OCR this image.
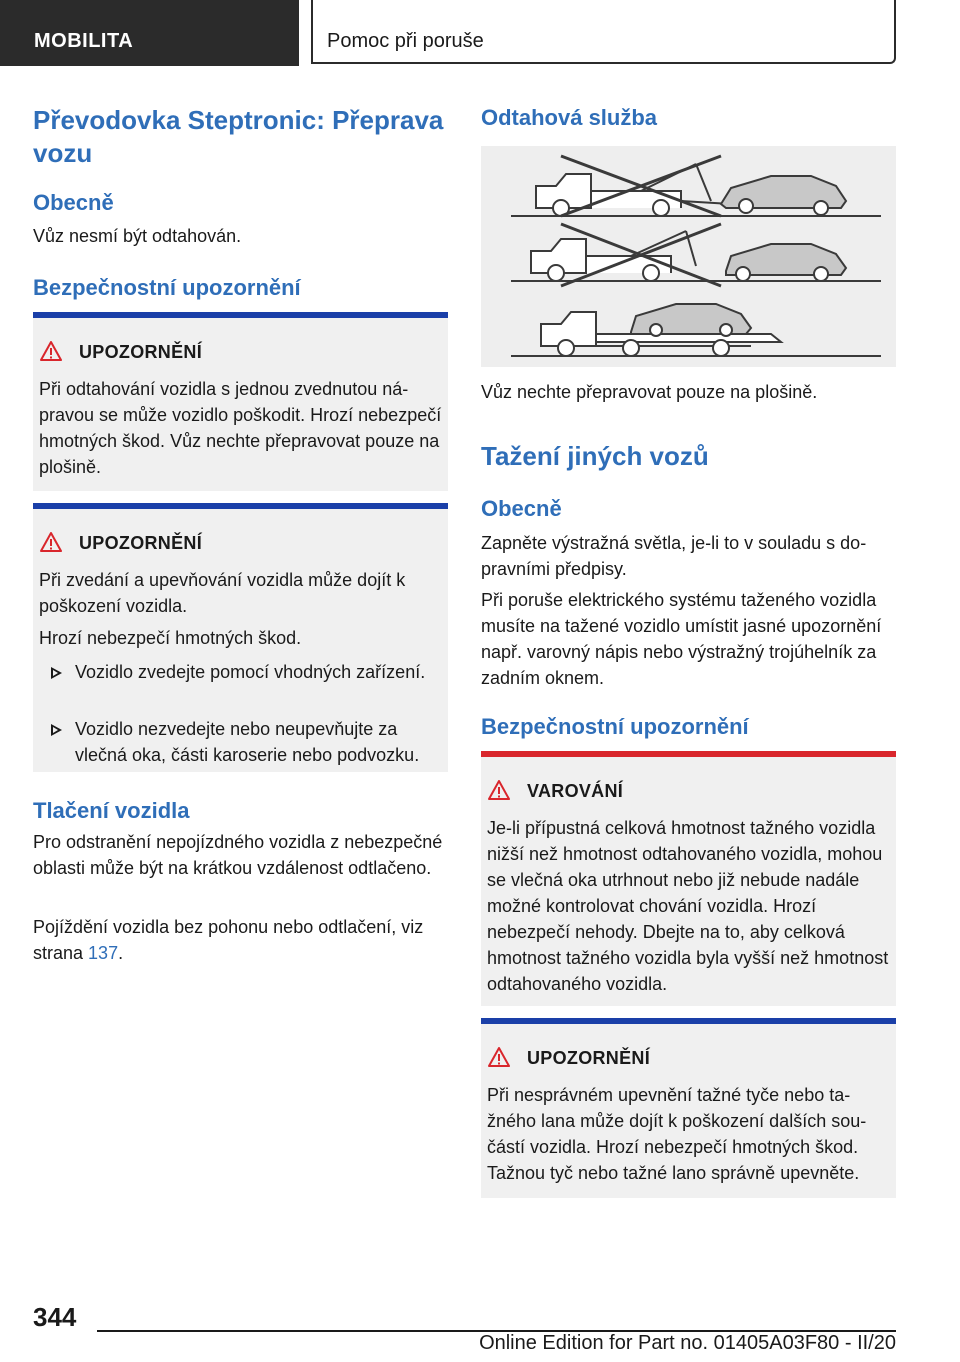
MOBILITA	Pomoc při poruše
Převodovka Steptronic: Přeprava vozu
Obecně
Vůz nesmí být odtahován.
Bezpečnostní upozornění
UPOZORNĚNÍ
Při odtahování vozidla s jednou zvednutou nápravou se může vozidlo poškodit. Hrozí nebezpečí hmotných škod. Vůz nechte přepravovat pouze na plošině.
UPOZORNĚNÍ
Při zvedání a upevňování vozidla může dojít k poškození vozidla.
Hrozí nebezpečí hmotných škod.
Vozidlo zvedejte pomocí vhodných zařízení.
Vozidlo nezvedejte nebo neupevňujte za vlečná oka, části karoserie nebo podvozku.
Tlačení vozidla
Pro odstranění nepojízdného vozidla z nebezpečné oblasti může být na krátkou vzdálenost odtlačeno.
Pojíždění vozidla bez pohonu nebo odtlačení, viz strana 137.
Odtahová služba
Vůz nechte přepravovat pouze na plošině.
Tažení jiných vozů
Obecně
Zapněte výstražná světla, je-li to v souladu s dopravními předpisy.
Při poruše elektrického systému taženého vozidla musíte na tažené vozidlo umístit jasné upozornění např. varovný nápis nebo výstražný trojúhelník za zadním oknem.
Bezpečnostní upozornění
VAROVÁNÍ
Je-li přípustná celková hmotnost tažného vozidla nižší než hmotnost odtahovaného vozidla, mohou se vlečná oka utrhnout nebo již nebude nadále možné kontrolovat chování vozidla. Hrozí nebezpečí nehody. Dbejte na to, aby celková hmotnost tažného vozidla byla vyšší než hmotnost odtahovaného vozidla.
UPOZORNĚNÍ
Při nesprávném upevnění tažné tyče nebo tažného lana může dojít k poškození dalších součástí vozidla. Hrozí nebezpečí hmotných škod. Tažnou tyč nebo tažné lano správně upevněte.
344
Online Edition for Part no. 01405A03F80 - II/20
